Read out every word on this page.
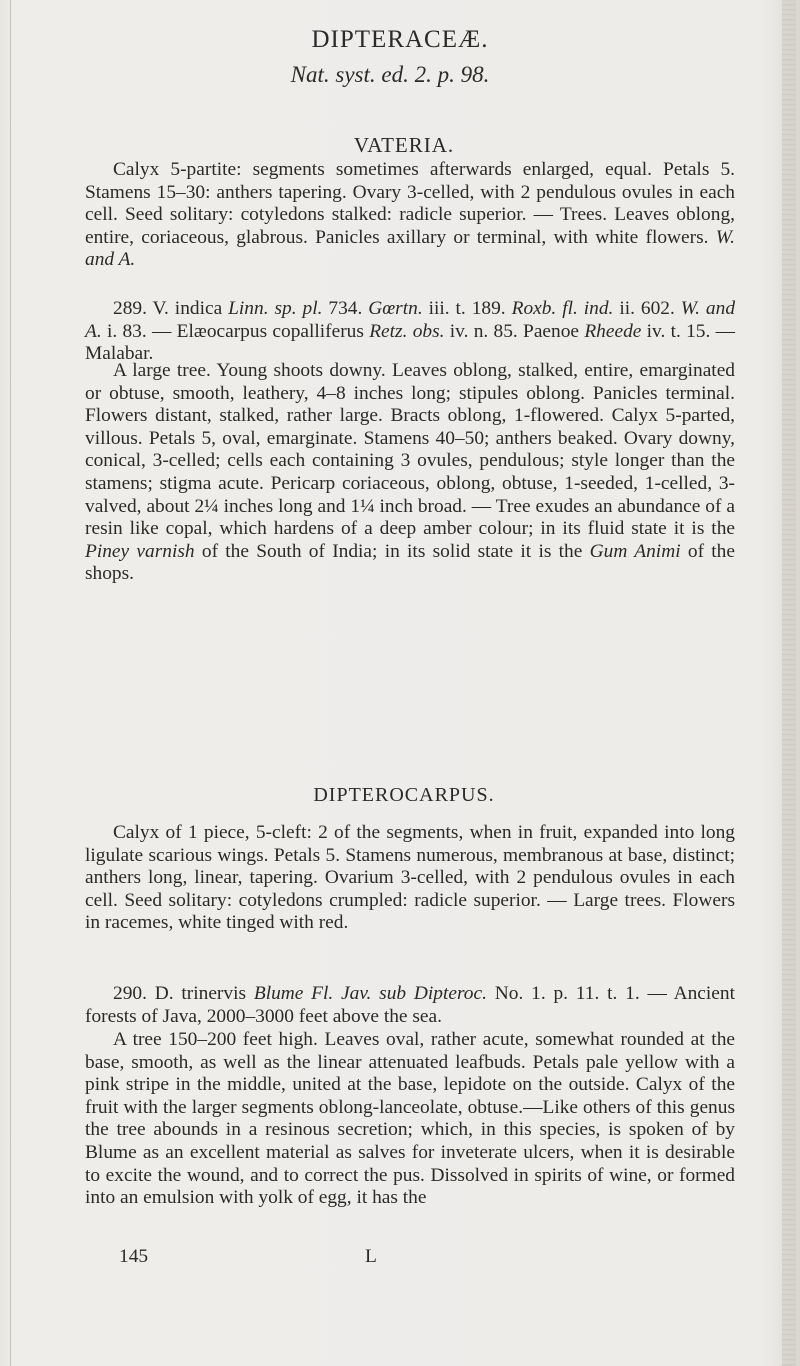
DIPTERACEÆ.
Nat. syst. ed. 2. p. 98.
VATERIA.

Calyx 5-partite: segments sometimes afterwards enlarged, equal. Petals 5. Stamens 15–30: anthers tapering. Ovary 3-celled, with 2 pendulous ovules in each cell. Seed solitary: cotyledons stalked: radicle superior. — Trees. Leaves oblong, entire, coriaceous, glabrous. Panicles axillary or terminal, with white flowers. W. and A.

289. V. indica Linn. sp. pl. 734. Gœrtn. iii. t. 189. Roxb. fl. ind. ii. 602. W. and A. i. 83. — Elæocarpus copalliferus Retz. obs. iv. n. 85. Paenoe Rheede iv. t. 15. — Malabar.

A large tree. Young shoots downy. Leaves oblong, stalked, entire, emarginated or obtuse, smooth, leathery, 4–8 inches long; stipules oblong. Panicles terminal. Flowers distant, stalked, rather large. Bracts oblong, 1-flowered. Calyx 5-parted, villous. Petals 5, oval, emarginate. Stamens 40–50; anthers beaked. Ovary downy, conical, 3-celled; cells each containing 3 ovules, pendulous; style longer than the stamens; stigma acute. Pericarp coriaceous, oblong, obtuse, 1-seeded, 1-celled, 3-valved, about 2¼ inches long and 1¼ inch broad. — Tree exudes an abundance of a resin like copal, which hardens of a deep amber colour; in its fluid state it is the Piney varnish of the South of India; in its solid state it is the Gum Animi of the shops.

DIPTEROCARPUS.

Calyx of 1 piece, 5-cleft: 2 of the segments, when in fruit, expanded into long ligulate scarious wings. Petals 5. Stamens numerous, membranous at base, distinct; anthers long, linear, tapering. Ovarium 3-celled, with 2 pendulous ovules in each cell. Seed solitary: cotyledons crumpled: radicle superior. — Large trees. Flowers in racemes, white tinged with red.

290. D. trinervis Blume Fl. Jav. sub Dipteroc. No. 1. p. 11. t. 1. — Ancient forests of Java, 2000–3000 feet above the sea.

A tree 150–200 feet high. Leaves oval, rather acute, somewhat rounded at the base, smooth, as well as the linear attenuated leafbuds. Petals pale yellow with a pink stripe in the middle, united at the base, lepidote on the outside. Calyx of the fruit with the larger segments oblong-lanceolate, obtuse.—Like others of this genus the tree abounds in a resinous secretion; which, in this species, is spoken of by Blume as an excellent material as salves for inveterate ulcers, when it is desirable to excite the wound, and to correct the pus. Dissolved in spirits of wine, or formed into an emulsion with yolk of egg, it has the

145	L
